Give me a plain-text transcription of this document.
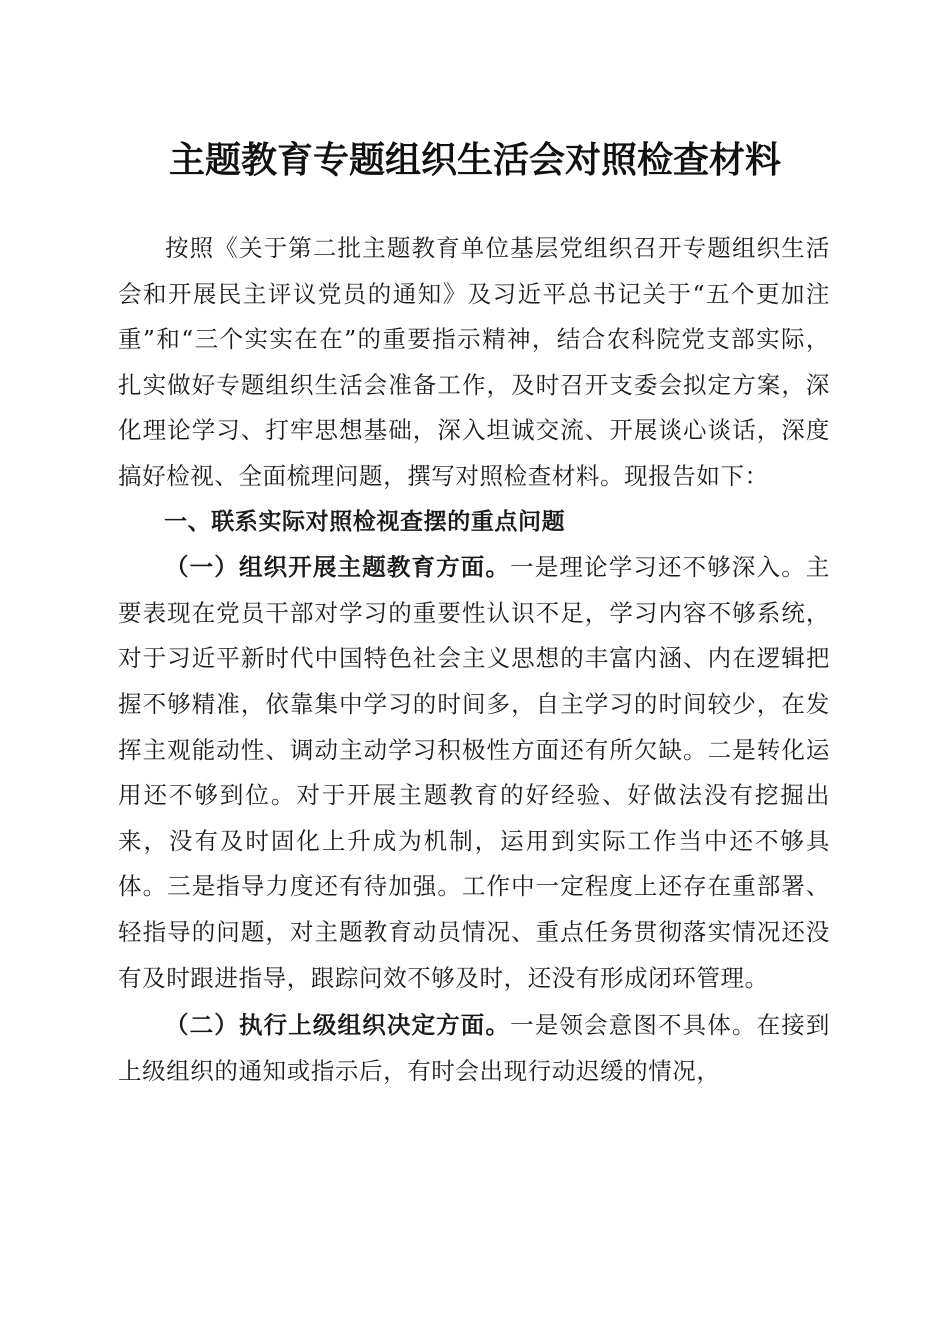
主题教育专题组织生活会对照检查材料

按照《关于第二批主题教育单位基层党组织召开专题组织生活会和开展民主评议党员的通知》及习近平总书记关于“五个更加注重”和“三个实实在在”的重要指示精神，结合农科院党支部实际，扎实做好专题组织生活会准备工作，及时召开支委会拟定方案，深化理论学习、打牢思想基础，深入坦诚交流、开展谈心谈话，深度搞好检视、全面梳理问题，撰写对照检查材料。现报告如下：

一、联系实际对照检视查摆的重点问题

（一）组织开展主题教育方面。一是理论学习还不够深入。主要表现在党员干部对学习的重要性认识不足，学习内容不够系统，对于习近平新时代中国特色社会主义思想的丰富内涵、内在逻辑把握不够精准，依靠集中学习的时间多，自主学习的时间较少，在发挥主观能动性、调动主动学习积极性方面还有所欠缺。二是转化运用还不够到位。对于开展主题教育的好经验、好做法没有挖掘出来，没有及时固化上升成为机制，运用到实际工作当中还不够具体。三是指导力度还有待加强。工作中一定程度上还存在重部署、轻指导的问题，对主题教育动员情况、重点任务贯彻落实情况还没有及时跟进指导，跟踪问效不够及时，还没有形成闭环管理。

（二）执行上级组织决定方面。一是领会意图不具体。在接到上级组织的通知或指示后，有时会出现行动迟缓的情况，
